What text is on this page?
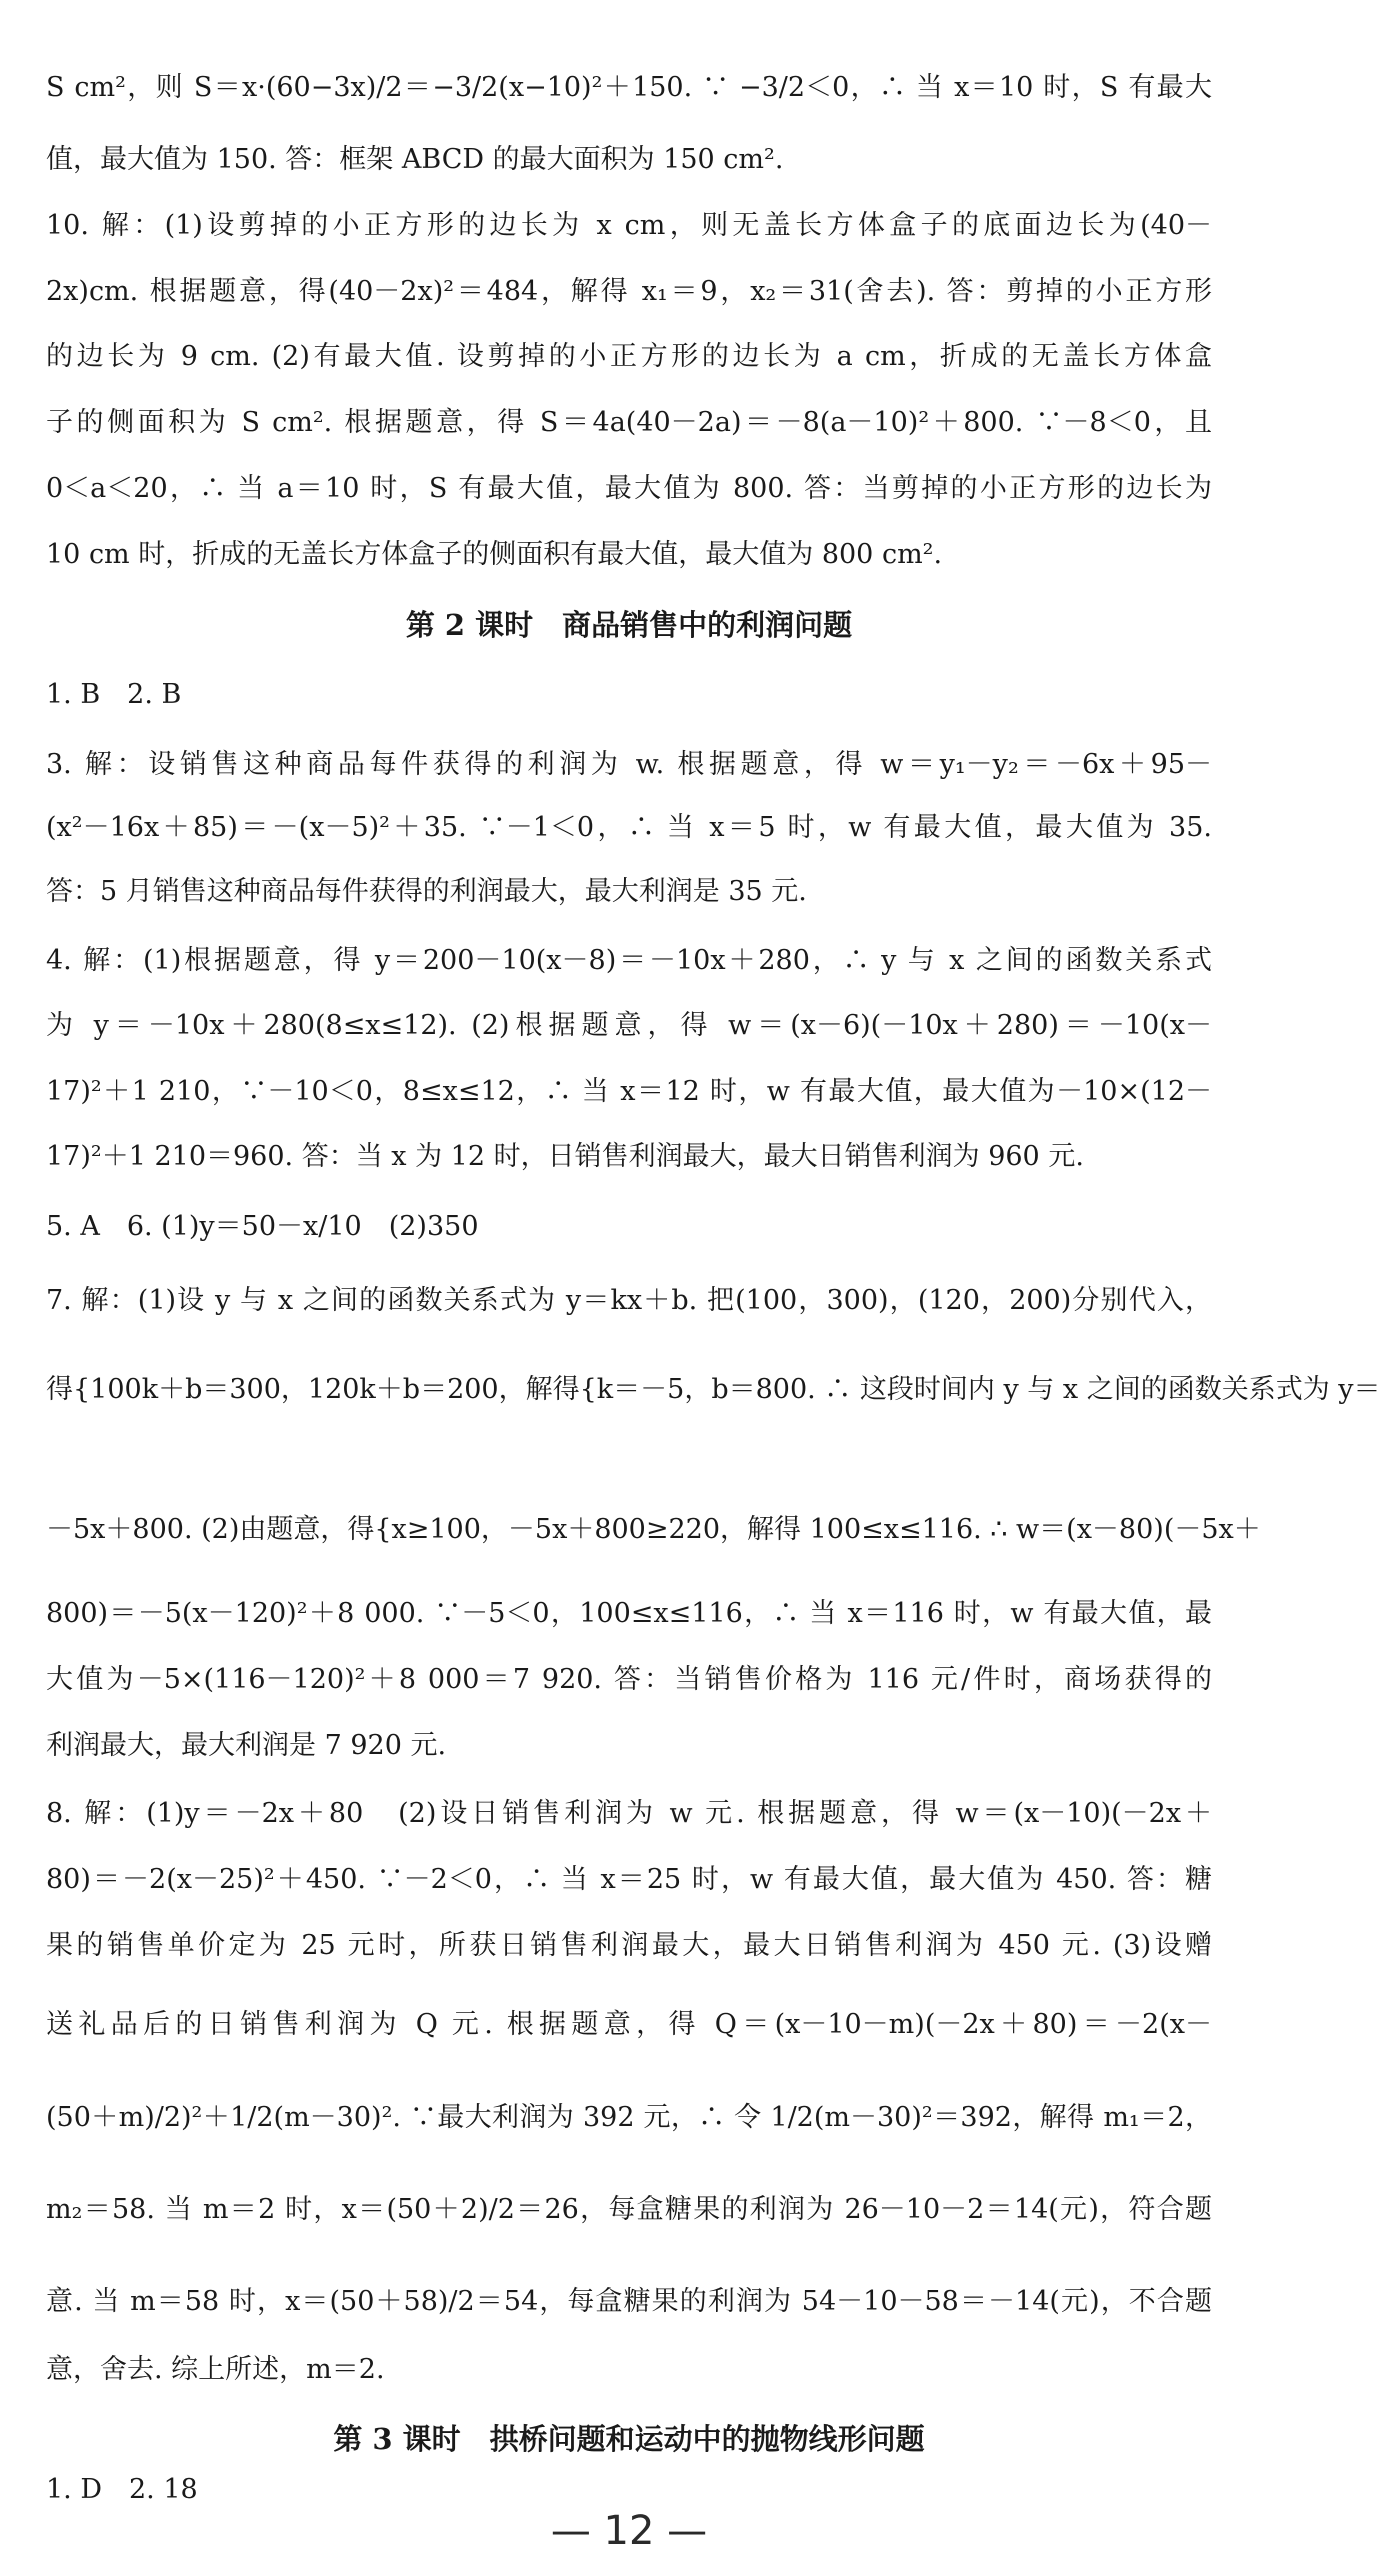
S cm²，则 S＝x·(60−3x)/2＝−3/2(x−10)²＋150. ∵ −3/2＜0，∴ 当 x＝10 时，S 有最大
值，最大值为 150. 答：框架 ABCD 的最大面积为 150 cm².
10. 解：(1)设剪掉的小正方形的边长为 x cm，则无盖长方体盒子的底面边长为(40－
2x)cm. 根据题意，得(40－2x)²＝484，解得 x₁＝9，x₂＝31(舍去). 答：剪掉的小正方形
的边长为 9 cm. (2)有最大值. 设剪掉的小正方形的边长为 a cm，折成的无盖长方体盒
子的侧面积为 S cm². 根据题意，得 S＝4a(40－2a)＝－8(a－10)²＋800. ∵－8＜0，且
0＜a＜20，∴ 当 a＝10 时，S 有最大值，最大值为 800. 答：当剪掉的小正方形的边长为
10 cm 时，折成的无盖长方体盒子的侧面积有最大值，最大值为 800 cm².
第 2 课时　商品销售中的利润问题
1. B　2. B
3. 解：设销售这种商品每件获得的利润为 w. 根据题意，得 w＝y₁－y₂＝－6x＋95－
(x²－16x＋85)＝－(x－5)²＋35. ∵－1＜0，∴ 当 x＝5 时，w 有最大值，最大值为 35.
答：5 月销售这种商品每件获得的利润最大，最大利润是 35 元.
4. 解：(1)根据题意，得 y＝200－10(x－8)＝－10x＋280，∴ y 与 x 之间的函数关系式
为 y＝－10x＋280(8≤x≤12). (2)根据题意，得 w＝(x－6)(－10x＋280)＝－10(x－
17)²＋1 210，∵－10＜0，8≤x≤12，∴ 当 x＝12 时，w 有最大值，最大值为－10×(12－
17)²＋1 210＝960. 答：当 x 为 12 时，日销售利润最大，最大日销售利润为 960 元.
5. A　6. (1)y＝50－x/10　(2)350
7. 解：(1)设 y 与 x 之间的函数关系式为 y＝kx＋b. 把(100，300)，(120，200)分别代入，
得{100k＋b＝300，120k＋b＝200，解得{k＝－5，b＝800. ∴ 这段时间内 y 与 x 之间的函数关系式为 y＝
－5x＋800. (2)由题意，得{x≥100，－5x＋800≥220，解得 100≤x≤116. ∴ w＝(x－80)(－5x＋
800)＝－5(x－120)²＋8 000. ∵－5＜0，100≤x≤116，∴ 当 x＝116 时，w 有最大值，最
大值为－5×(116－120)²＋8 000＝7 920. 答：当销售价格为 116 元/件时，商场获得的
利润最大，最大利润是 7 920 元.
8. 解：(1)y＝－2x＋80　(2)设日销售利润为 w 元. 根据题意，得 w＝(x－10)(－2x＋
80)＝－2(x－25)²＋450. ∵－2＜0，∴ 当 x＝25 时，w 有最大值，最大值为 450. 答：糖
果的销售单价定为 25 元时，所获日销售利润最大，最大日销售利润为 450 元. (3)设赠
送礼品后的日销售利润为 Q 元. 根据题意，得 Q＝(x－10－m)(－2x＋80)＝－2(x－
(50＋m)/2)²＋1/2(m－30)². ∵最大利润为 392 元，∴ 令 1/2(m－30)²＝392，解得 m₁＝2，
m₂＝58. 当 m＝2 时，x＝(50＋2)/2＝26，每盒糖果的利润为 26－10－2＝14(元)，符合题
意. 当 m＝58 时，x＝(50＋58)/2＝54，每盒糖果的利润为 54－10－58＝－14(元)，不合题
意，舍去. 综上所述，m＝2.
第 3 课时　拱桥问题和运动中的抛物线形问题
1. D　2. 18
— 12 —
